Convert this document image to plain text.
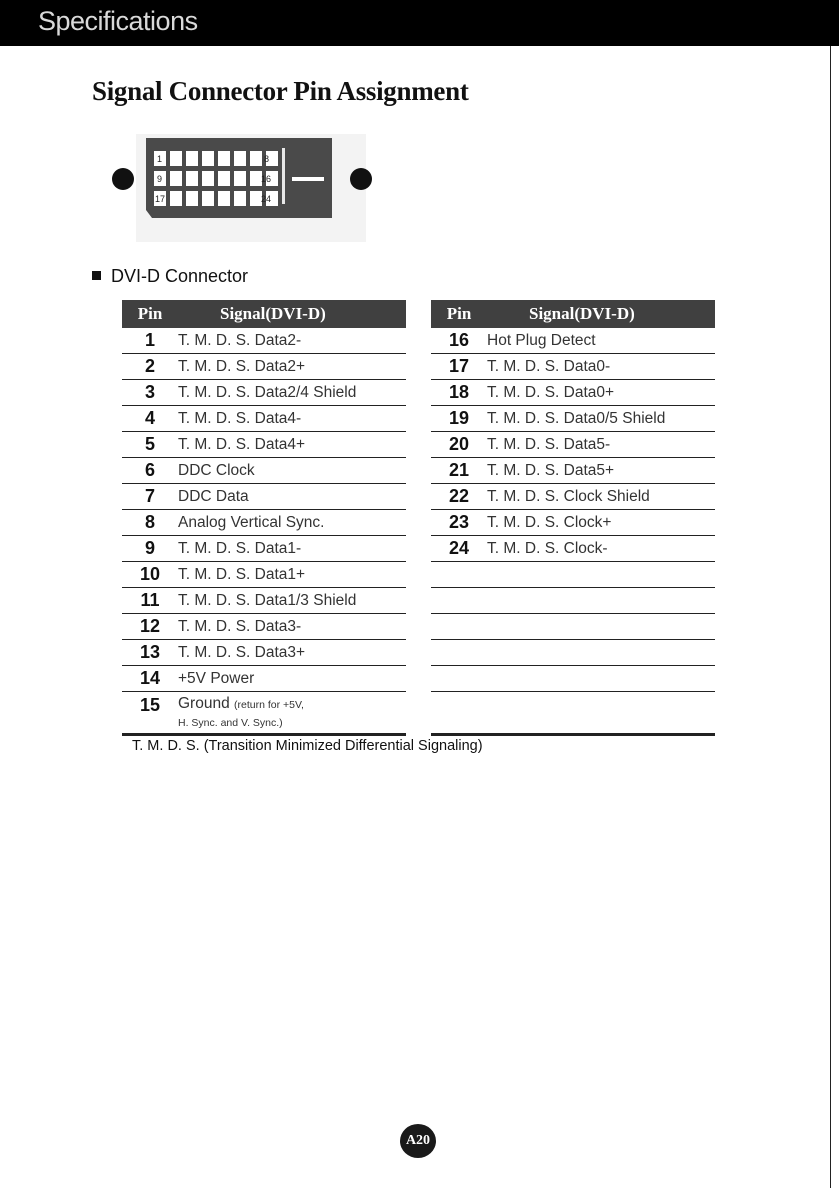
Specifications
Signal Connector Pin Assignment
1	8
9	16
17	24
DVI-D Connector
Pin	Signal(DVI-D)
1	T. M. D. S. Data2-
2	T. M. D. S. Data2+
3	T. M. D. S. Data2/4 Shield
4	T. M. D. S. Data4-
5	T. M. D. S. Data4+
6	DDC Clock
7	DDC Data
8	Analog Vertical Sync.
9	T. M. D. S. Data1-
10	T. M. D. S. Data1+
11	T. M. D. S. Data1/3 Shield
12	T. M. D. S. Data3-
13	T. M. D. S. Data3+
14	+5V Power
15	Ground (return for +5V,
H. Sync. and V. Sync.)
Pin	Signal(DVI-D)
16	Hot Plug Detect
17	T. M. D. S. Data0-
18	T. M. D. S. Data0+
19	T. M. D. S. Data0/5 Shield
20	T. M. D. S. Data5-
21	T. M. D. S. Data5+
22	T. M. D. S. Clock Shield
23	T. M. D. S. Clock+
24	T. M. D. S. Clock-

T. M. D. S. (Transition Minimized Differential Signaling)
A20
